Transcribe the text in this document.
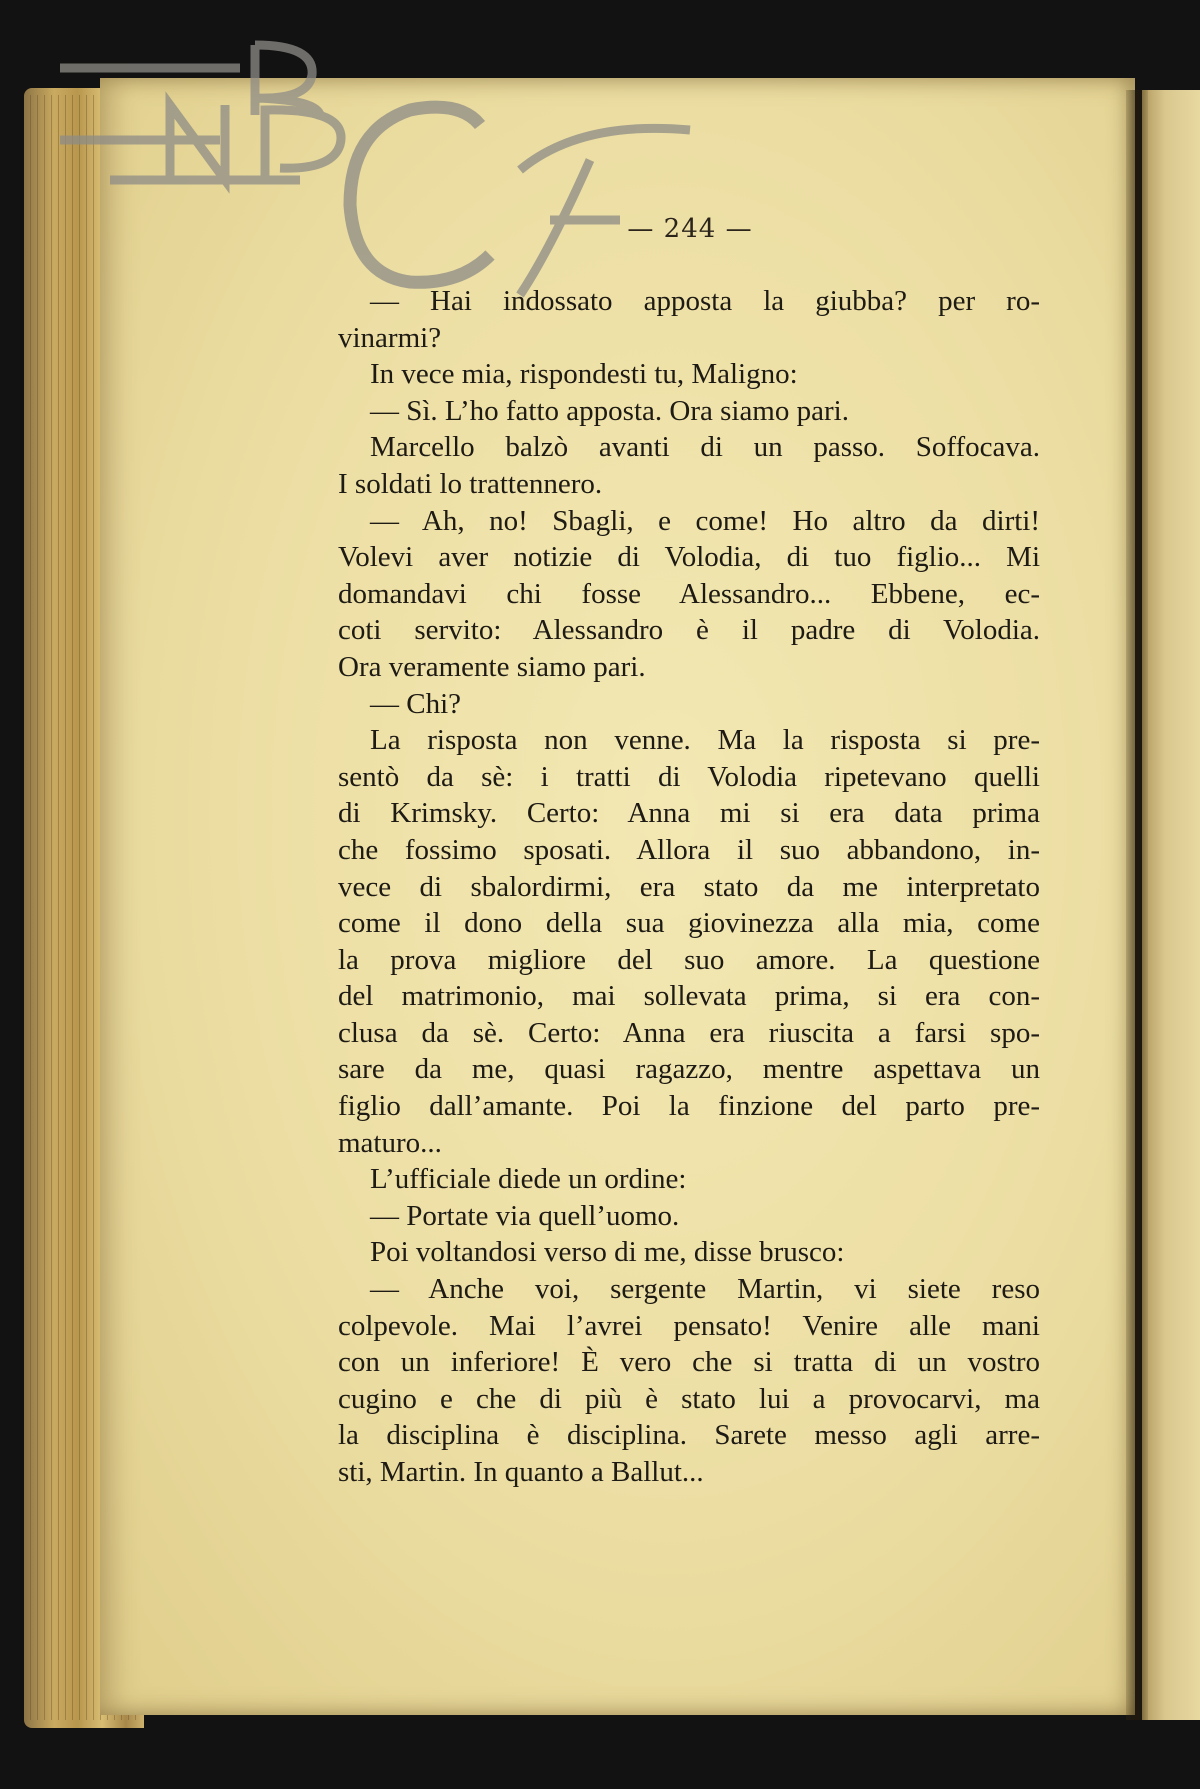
— 244 —
— Hai indossato apposta la giubba? per ro-
vinarmi?
In vece mia, rispondesti tu, Maligno:
— Sì. L’ho fatto apposta. Ora siamo pari.
Marcello balzò avanti di un passo. Soffocava.
I soldati lo trattennero.
— Ah, no! Sbagli, e come! Ho altro da dirti!
Volevi aver notizie di Volodia, di tuo figlio... Mi
domandavi chi fosse Alessandro... Ebbene, ec-
coti servito: Alessandro è il padre di Volodia.
Ora veramente siamo pari.
— Chi?
La risposta non venne. Ma la risposta si pre-
sentò da sè: i tratti di Volodia ripetevano quelli
di Krimsky. Certo: Anna mi si era data prima
che fossimo sposati. Allora il suo abbandono, in-
vece di sbalordirmi, era stato da me interpretato
come il dono della sua giovinezza alla mia, come
la prova migliore del suo amore. La questione
del matrimonio, mai sollevata prima, si era con-
clusa da sè. Certo: Anna era riuscita a farsi spo-
sare da me, quasi ragazzo, mentre aspettava un
figlio dall’amante. Poi la finzione del parto pre-
maturo...
L’ufficiale diede un ordine:
— Portate via quell’uomo.
Poi voltandosi verso di me, disse brusco:
— Anche voi, sergente Martin, vi siete reso
colpevole. Mai l’avrei pensato! Venire alle mani
con un inferiore! È vero che si tratta di un vostro
cugino e che di più è stato lui a provocarvi, ma
la disciplina è disciplina. Sarete messo agli arre-
sti, Martin. In quanto a Ballut...
